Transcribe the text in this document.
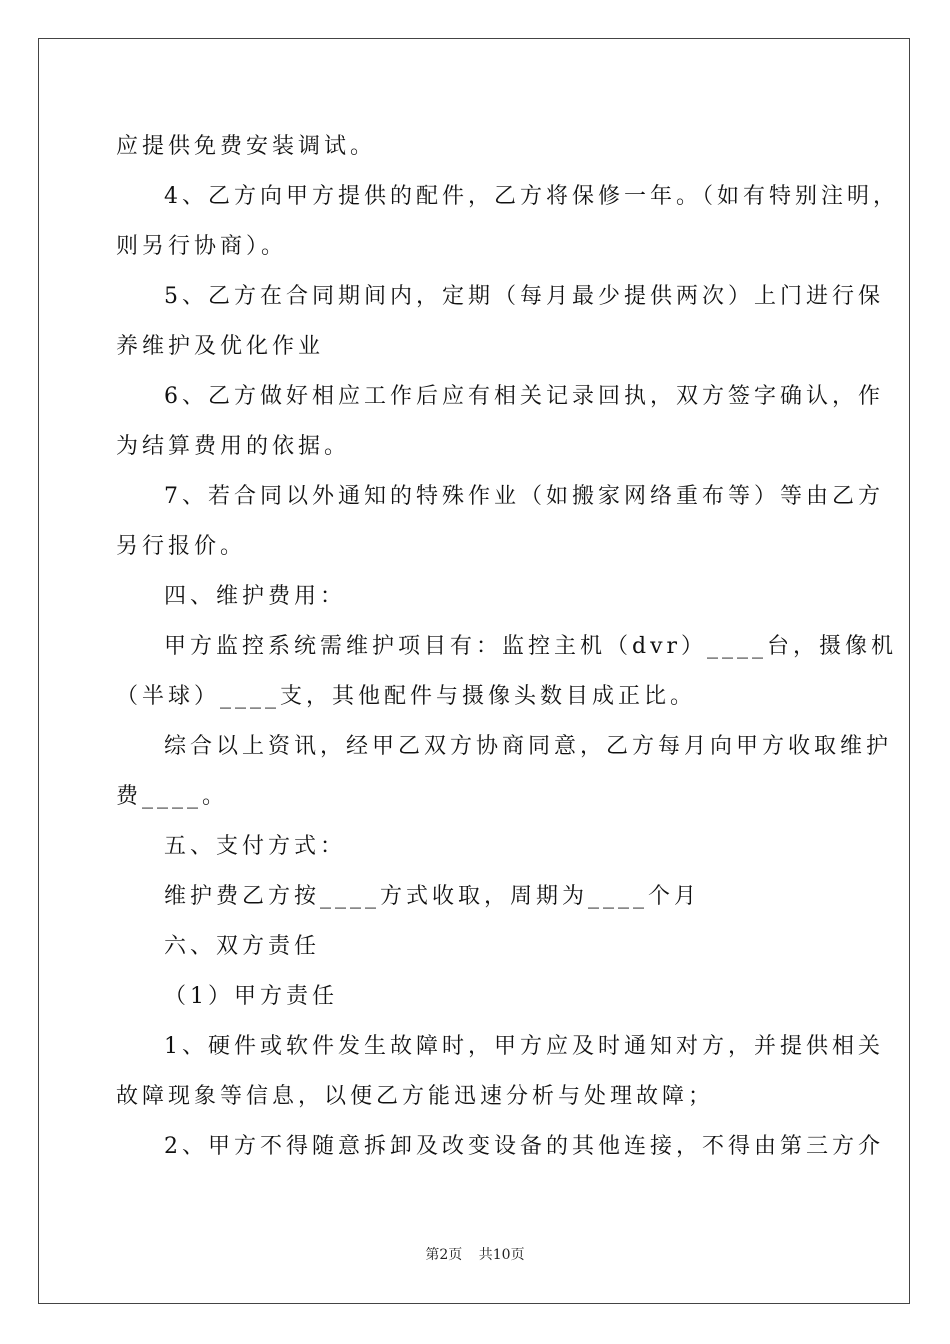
应提供免费安装调试。
4、乙方向甲方提供的配件，乙方将保修一年。（如有特别注明，
则另行协商）。
5、乙方在合同期间内，定期（每月最少提供两次）上门进行保
养维护及优化作业
6、乙方做好相应工作后应有相关记录回执，双方签字确认，作
为结算费用的依据。
7、若合同以外通知的特殊作业（如搬家网络重布等）等由乙方
另行报价。
四、维护费用：
甲方监控系统需维护项目有：监控主机（dvr）____台，摄像机
（半球）____支，其他配件与摄像头数目成正比。
综合以上资讯，经甲乙双方协商同意，乙方每月向甲方收取维护
费____。
五、支付方式：
维护费乙方按____方式收取，周期为____个月
六、双方责任
（1）甲方责任
1、硬件或软件发生故障时，甲方应及时通知对方，并提供相关
故障现象等信息，以便乙方能迅速分析与处理故障；
2、甲方不得随意拆卸及改变设备的其他连接，不得由第三方介
第2页 共10页
